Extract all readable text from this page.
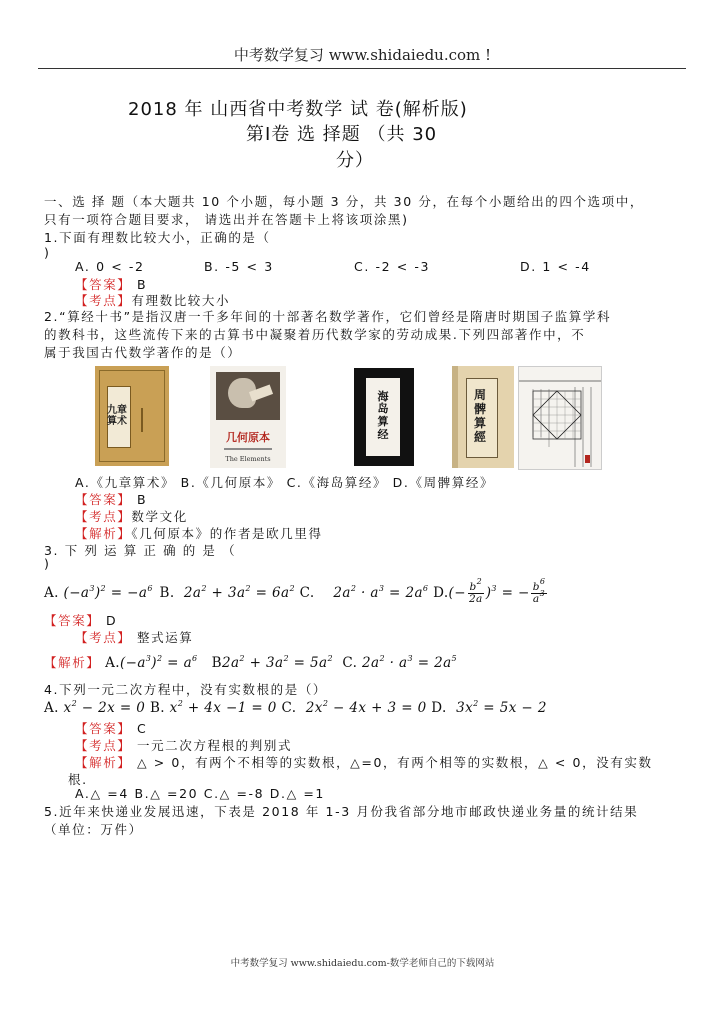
中考数学复习 www.shidaiedu.com !
2018 年 山西省中考数学 试 卷(解析版)
第Ⅰ卷 选 择题 （共 30
分）
一、选 择 题（本大题共 10 个小题，每小题 3 分，共 30 分，在每个小题给出的四个选项中，
只有一项符合题目要求， 请选出并在答题卡上将该项涂黑)
1.下面有理数比较大小，正确的是（
)
A. 0 < -2	B. -5 < 3	C. -2 < -3	D. 1 < -4
【答案】 B
【考点】有理数比较大小
2.“算经十书”是指汉唐一千多年间的十部著名数学著作，它们曾经是隋唐时期国子监算学科
的教科书，这些流传下来的古算书中凝聚着历代数学家的劳动成果.下列四部著作中，不
属于我国古代数学著作的是（）
九章算术
几何原本
The Elements
海岛算经
周髀算經
A.《九章算术》 B.《几何原本》 C.《海岛算经》 D.《周髀算经》
【答案】 B
【考点】数学文化
【解析】《几何原本》的作者是欧几里得
3. 下 列 运 算 正 确 的 是 （
)
A. $(-a^3)^2 = -a^6$ B.  $2a^2 + 3a^2 = 6a^2$ C.    $2a^2 \cdot a^3 = 2a^6$ $D.(- \frac{b^2}{2a} )^3$ = − $\frac{b^6}{a^3}$
【答案】 D
【考点】 整式运算
【解析】 $A.(-a^3)^2 = a^6$ $B2a^2 + 3a^2 = 5a^2$ C. $2a^2 \cdot a^3 = 2a^5$
4.下列一元二次方程中，没有实数根的是（）
A. $x^2 - 2x = 0$ B. $x^2 + 4x -1 = 0$ C.  $2x^2 - 4x + 3 = 0$ D.  $3x^2 = 5x - 2$
【答案】 C
【考点】 一元二次方程根的判别式
【解析】 △ > 0，有两个不相等的实数根，△=0，有两个相等的实数根，△ < 0，没有实数
根.
A.△ =4 B.△ =20 C.△ =-8 D.△ =1
5.近年来快递业发展迅速，下表是 2018 年 1-3 月份我省部分地市邮政快递业务量的统计结果
（单位：万件）
中考数学复习 www.shidaiedu.com-数学老师自己的下载网站
